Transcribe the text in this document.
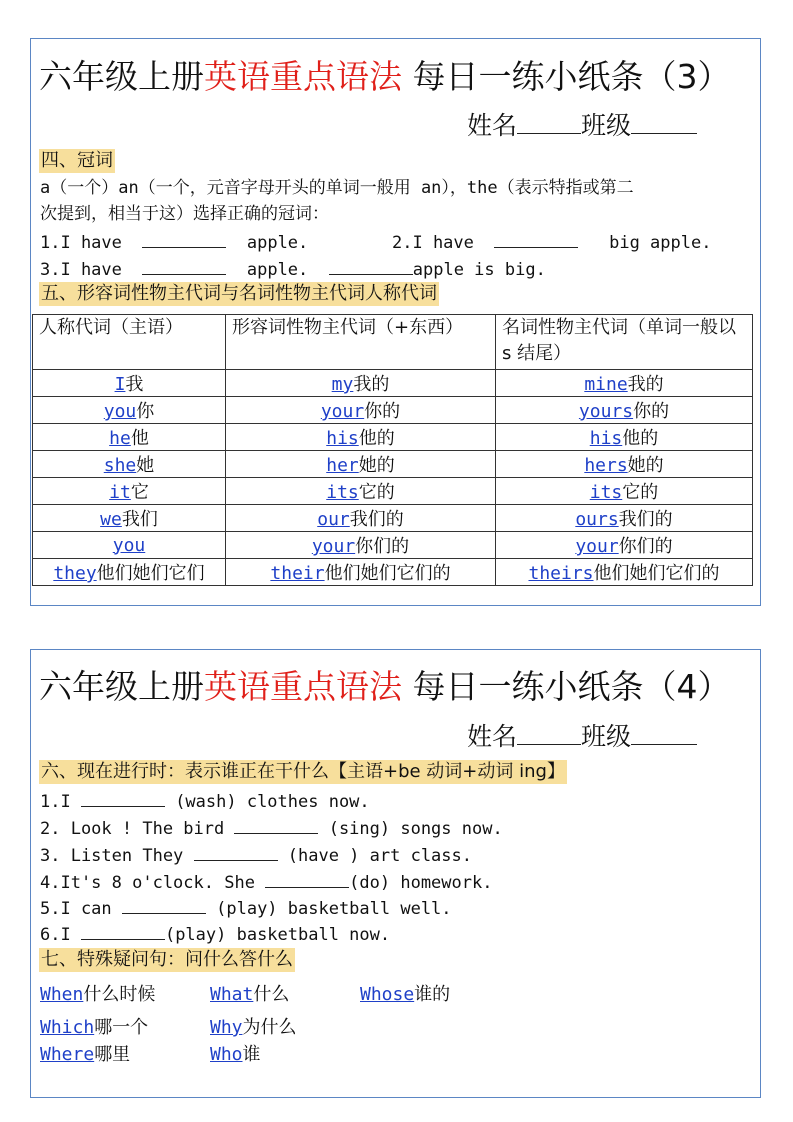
六年级上册英语重点语法 每日一练小纸条（3）
姓名	班级
四、冠词
a（一个）an（一个，元音字母开头的单词一般用 an），the（表示特指或第二
次提到，相当于这）选择正确的冠词：
1.I have	apple.	2.I have	big apple.
3.I have	apple.	apple is big.
五、形容词性物主代词与名词性物主代词人称代词
人称代词（主语）	形容词性物主代词（+东西）	名词性物主代词（单词一般以 s 结尾）
I我	my我的	mine我的
you你	your你的	yours你的
he他	his他的	his他的
she她	her她的	hers她的
it它	its它的	its它的
we我们	our我们的	ours我们的
you	your你们的	your你们的
they他们她们它们	their他们她们它们的	theirs他们她们它们的
六年级上册英语重点语法 每日一练小纸条（4）
姓名	班级
六、现在进行时：表示谁正在干什么【主语+be 动词+动词 ing】
1.I	(wash) clothes now.
2. Look ! The bird	(sing) songs now.
3. Listen They	(have ) art class.
4.It's 8 o'clock. She	(do) homework.
5.I can	(play) basketball well.
6.I	(play) basketball now.
七、特殊疑问句：问什么答什么
When什么时候	What什么	Whose谁的
Which哪一个	Why为什么
Where哪里	Who谁
